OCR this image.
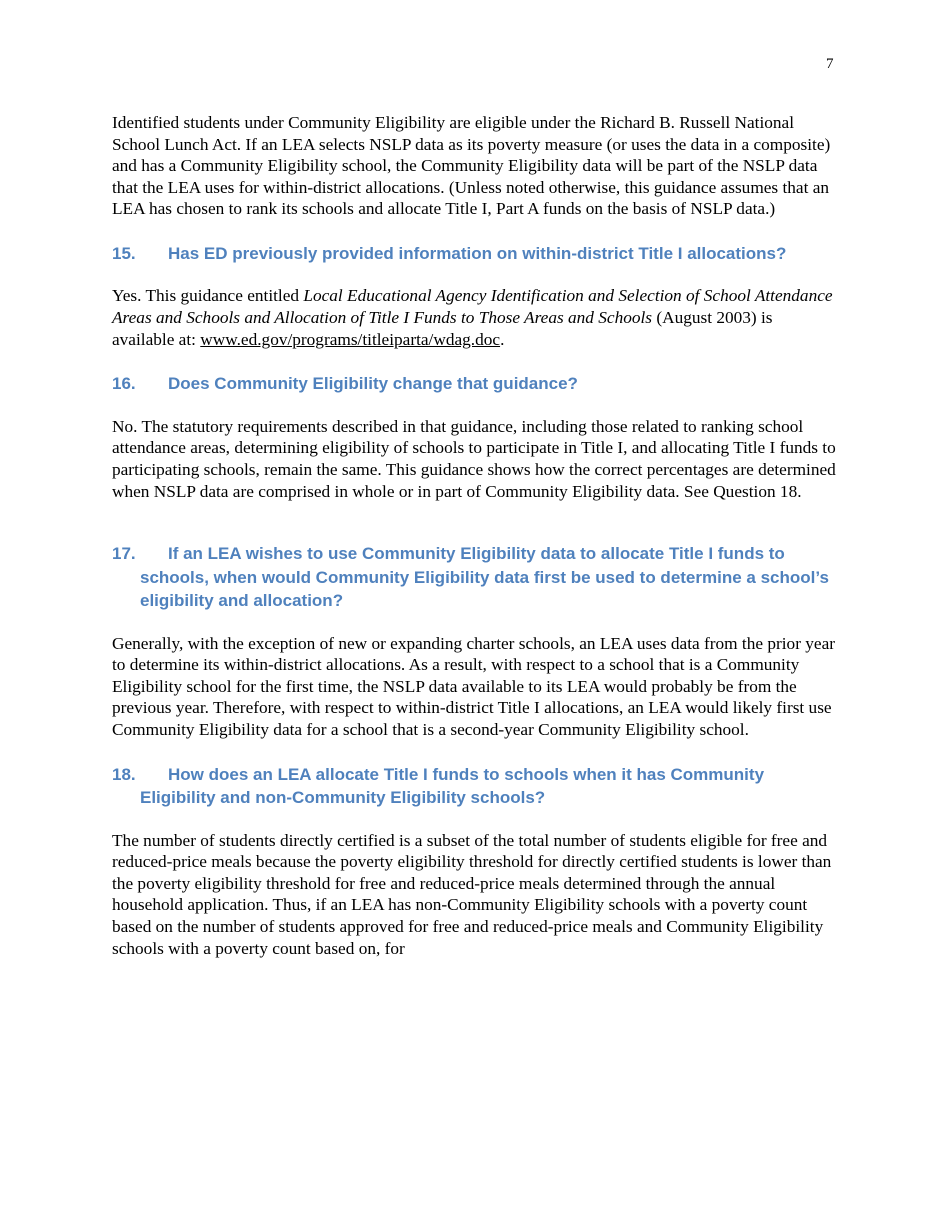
7

Identified students under Community Eligibility are eligible under the Richard B. Russell National School Lunch Act. If an LEA selects NSLP data as its poverty measure (or uses the data in a composite) and has a Community Eligibility school, the Community Eligibility data will be part of the NSLP data that the LEA uses for within-district allocations. (Unless noted otherwise, this guidance assumes that an LEA has chosen to rank its schools and allocate Title I, Part A funds on the basis of NSLP data.)

15.	Has ED previously provided information on within-district Title I allocations?

Yes. This guidance entitled Local Educational Agency Identification and Selection of School Attendance Areas and Schools and Allocation of Title I Funds to Those Areas and Schools (August 2003) is available at: www.ed.gov/programs/titleiparta/wdag.doc.

16.	Does Community Eligibility change that guidance?

No. The statutory requirements described in that guidance, including those related to ranking school attendance areas, determining eligibility of schools to participate in Title I, and allocating Title I funds to participating schools, remain the same. This guidance shows how the correct percentages are determined when NSLP data are comprised in whole or in part of Community Eligibility data. See Question 18.

17.	If an LEA wishes to use Community Eligibility data to allocate Title I funds to schools, when would Community Eligibility data first be used to determine a school’s eligibility and allocation?

Generally, with the exception of new or expanding charter schools, an LEA uses data from the prior year to determine its within-district allocations. As a result, with respect to a school that is a Community Eligibility school for the first time, the NSLP data available to its LEA would probably be from the previous year. Therefore, with respect to within-district Title I allocations, an LEA would likely first use Community Eligibility data for a school that is a second-year Community Eligibility school.

18.	How does an LEA allocate Title I funds to schools when it has Community Eligibility and non-Community Eligibility schools?

The number of students directly certified is a subset of the total number of students eligible for free and reduced-price meals because the poverty eligibility threshold for directly certified students is lower than the poverty eligibility threshold for free and reduced-price meals determined through the annual household application. Thus, if an LEA has non-Community Eligibility schools with a poverty count based on the number of students approved for free and reduced-price meals and Community Eligibility schools with a poverty count based on, for
